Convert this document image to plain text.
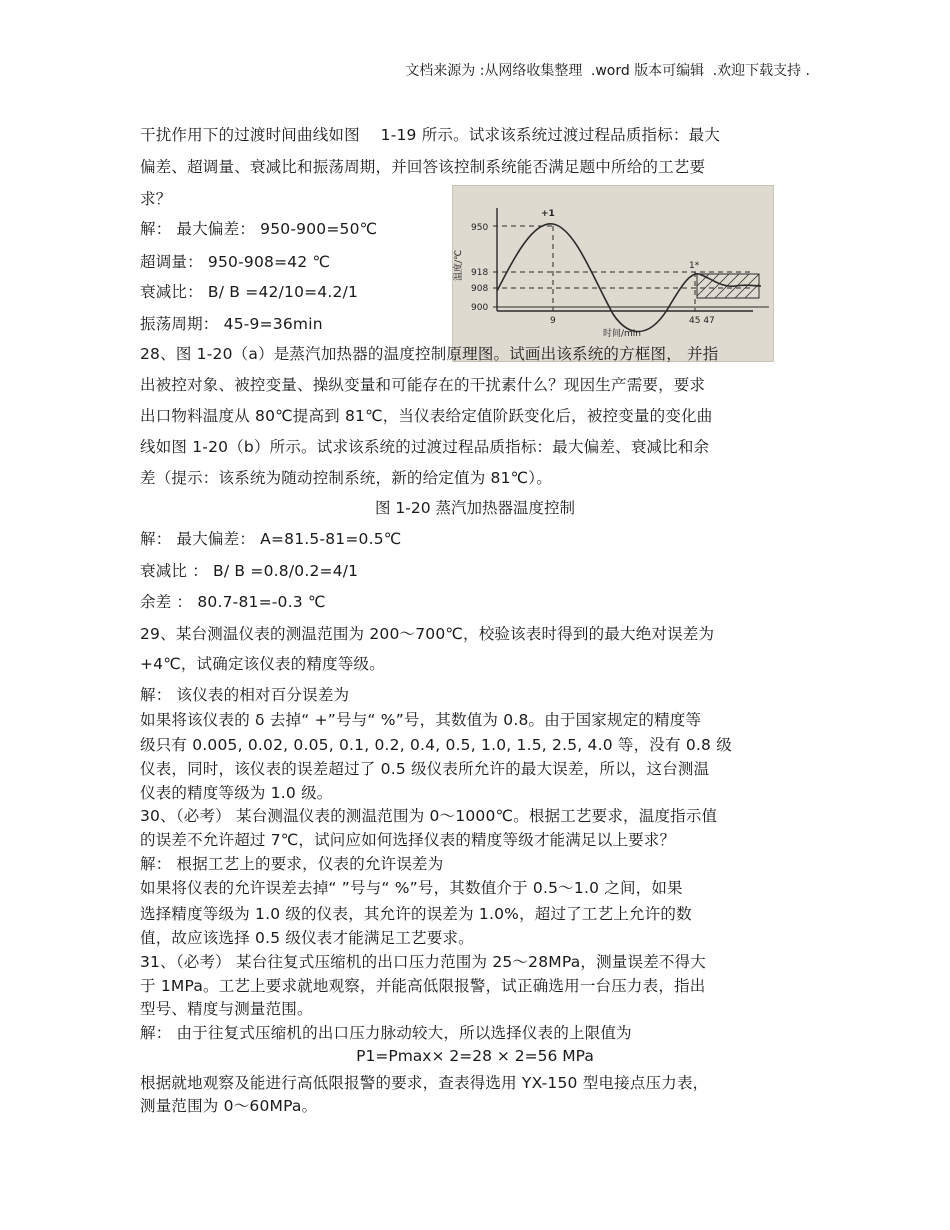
文档来源为 :从网络收集整理 .word 版本可编辑 .欢迎下载支持 .
干扰作用下的过渡时间曲线如图　 1-19 所示。试求该系统过渡过程品质指标：最大
偏差、超调量、衰减比和振荡周期，并回答该控制系统能否满足题中所给的工艺要
求？
解： 最大偏差： 950-900=50℃
超调量： 950-908=42 ℃
衰减比： B/ B =42/10=4.2/1
振荡周期： 45-9=36min
950
918
908
900
9	45 47
时间/min
+1
1*
温度/℃
28、图 1-20（a）是蒸汽加热器的温度控制原理图。试画出该系统的方框图， 并指
出被控对象、被控变量、操纵变量和可能存在的干扰素什么？现因生产需要，要求
出口物料温度从 80℃提高到 81℃，当仪表给定值阶跃变化后，被控变量的变化曲
线如图 1-20（b）所示。试求该系统的过渡过程品质指标：最大偏差、衰减比和余
差（提示：该系统为随动控制系统，新的给定值为 81℃）。
图 1-20 蒸汽加热器温度控制
解： 最大偏差： A=81.5-81=0.5℃
衰减比 ： B/ B =0.8/0.2=4/1
余差 ： 80.7-81=-0.3 ℃
29、某台测温仪表的测温范围为 200～700℃，校验该表时得到的最大绝对误差为
+4℃，试确定该仪表的精度等级。
解： 该仪表的相对百分误差为
如果将该仪表的 δ 去掉“ +”号与“ %”号，其数值为 0.8。由于国家规定的精度等
级只有 0.005, 0.02, 0.05, 0.1, 0.2, 0.4, 0.5, 1.0, 1.5, 2.5, 4.0 等，没有 0.8 级
仪表，同时，该仪表的误差超过了 0.5 级仪表所允许的最大误差，所以，这台测温
仪表的精度等级为 1.0 级。
30、（必考） 某台测温仪表的测温范围为 0～1000℃。根据工艺要求，温度指示值
的误差不允许超过 7℃，试问应如何选择仪表的精度等级才能满足以上要求？
解： 根据工艺上的要求，仪表的允许误差为
如果将仪表的允许误差去掉“ ”号与“ %”号，其数值介于 0.5～1.0 之间，如果
选择精度等级为 1.0 级的仪表，其允许的误差为 1.0%，超过了工艺上允许的数
值，故应该选择 0.5 级仪表才能满足工艺要求。
31、（必考） 某台往复式压缩机的出口压力范围为 25～28MPa，测量误差不得大
于 1MPa。工艺上要求就地观察，并能高低限报警，试正确选用一台压力表，指出
型号、精度与测量范围。
解： 由于往复式压缩机的出口压力脉动较大，所以选择仪表的上限值为
P1=Pmax× 2=28 × 2=56 MPa
根据就地观察及能进行高低限报警的要求，查表得选用 YX-150 型电接点压力表，
测量范围为 0～60MPa。
